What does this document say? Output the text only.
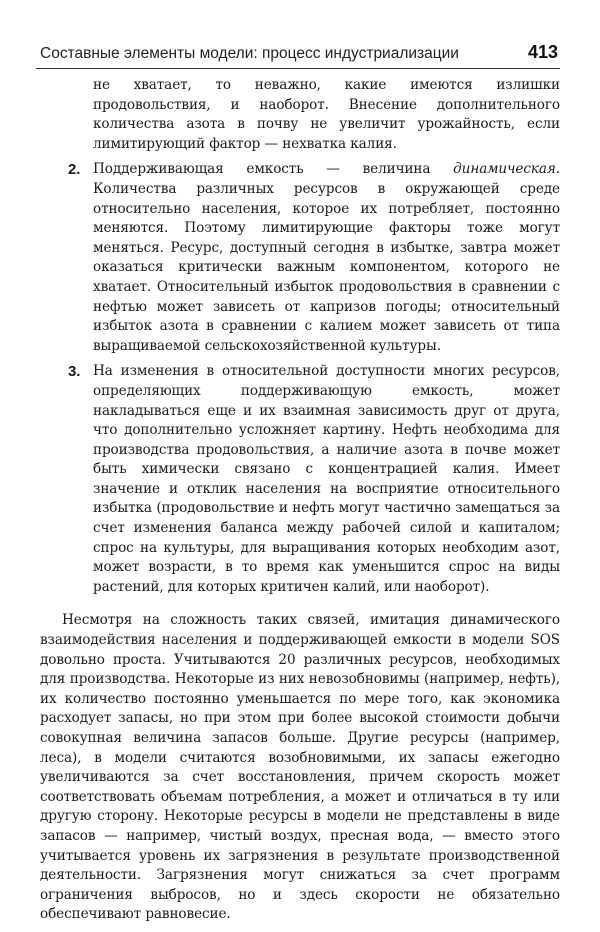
Составные элементы модели: процесс индустриализации	413

не хватает, то неважно, какие имеются излишки продовольствия, и наоборот. Внесение дополнительного количества азота в почву не увеличит урожайность, если лимитирующий фактор — нехватка калия.

2. Поддерживающая емкость — величина динамическая. Количества различных ресурсов в окружающей среде относительно населения, которое их потребляет, постоянно меняются. Поэтому лимитирующие факторы тоже могут меняться. Ресурс, доступный сегодня в избытке, завтра может оказаться критически важным компонентом, которого не хватает. Относительный избыток продовольствия в сравнении с нефтью может зависеть от капризов погоды; относительный избыток азота в сравнении с калием может зависеть от типа выращиваемой сельскохозяйственной культуры.

3. На изменения в относительной доступности многих ресурсов, определяющих поддерживающую емкость, может накладываться еще и их взаимная зависимость друг от друга, что дополнительно усложняет картину. Нефть необходима для производства продовольствия, а наличие азота в почве может быть химически связано с концентрацией калия. Имеет значение и отклик населения на восприятие относительного избытка (продовольствие и нефть могут частично замещаться за счет изменения баланса между рабочей силой и капиталом; спрос на культуры, для выращивания которых необходим азот, может возрасти, в то время как уменьшится спрос на виды растений, для которых критичен калий, или наоборот).

Несмотря на сложность таких связей, имитация динамического взаимодействия населения и поддерживающей емкости в модели SOS довольно проста. Учитываются 20 различных ресурсов, необходимых для производства. Некоторые из них невозобновимы (например, нефть), их количество постоянно уменьшается по мере того, как экономика расходует запасы, но при этом при более высокой стоимости добычи совокупная величина запасов больше. Другие ресурсы (например, леса), в модели считаются возобновимыми, их запасы ежегодно увеличиваются за счет восстановления, причем скорость может соответствовать объемам потребления, а может и отличаться в ту или другую сторону. Некоторые ресурсы в модели не представлены в виде запасов — например, чистый воздух, пресная вода, — вместо этого учитывается уровень их загрязнения в результате производственной деятельности. Загрязнения могут снижаться за счет программ ограничения выбросов, но и здесь скорости не обязательно обеспечивают равновесие.
